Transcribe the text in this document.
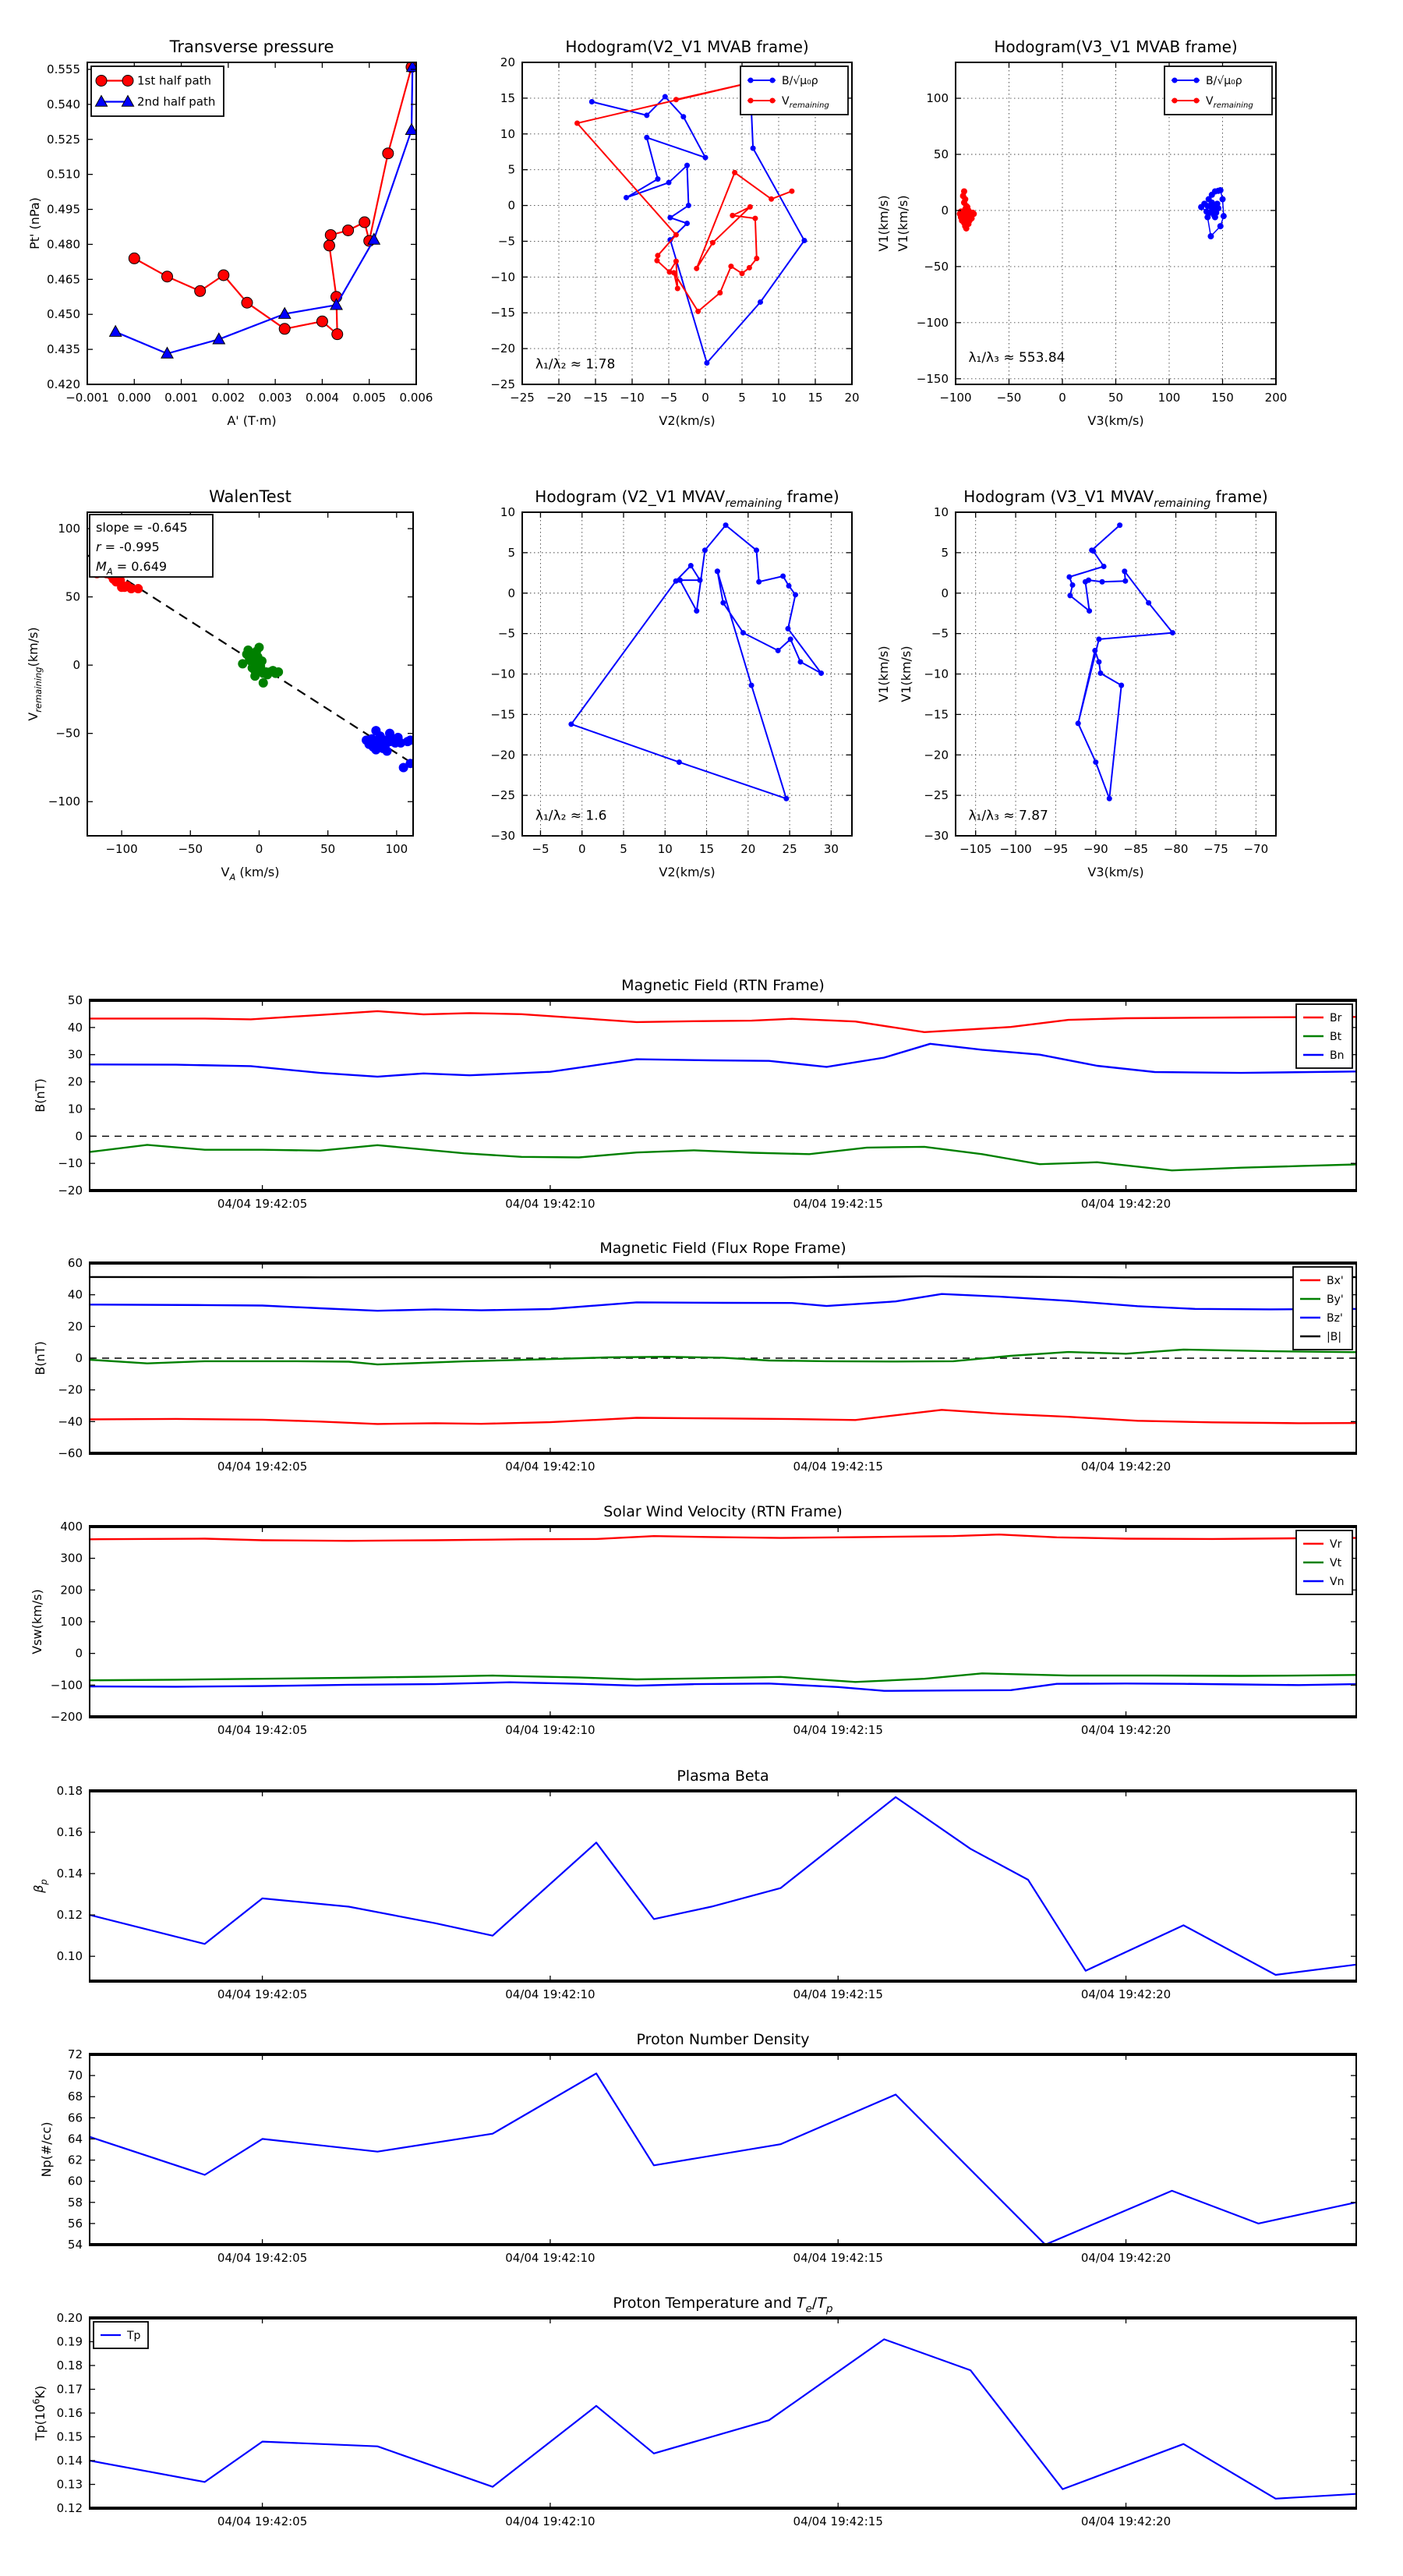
−0.001 0.000 0.001 0.002 0.003 0.004 0.005 0.006
0.420
0.435
0.450
0.465
0.480
0.495
0.510
0.525
0.540
0.555
Transverse pressure
A' (T·m)
Pt' (nPa)
1st half path
2nd half path
−25 −20 −15 −10 −5 0 5 10 15 20
−25
−20
−15
−10
−5
0
5
10
15
20
Hodogram(V2_V1 MVAB frame)
V2(km/s)
V1(km/s)
B/√μ₀ρ
$V_{remaining}$
λ₁/λ₂ ≈ 1.78
−100 −50	0	50	100	150	200
−150
−100
−50
0
50
100
Hodogram(V3_V1 MVAB frame)
V3(km/s)
V1(km/s)
B/√μ₀ρ
$V_{remaining}$
λ₁/λ₃ ≈ 553.84
−100	−50	0	50	100
−100
−50
0
50
100
WalenTest
$V_A$ (km/s)
$V_{remaining}(km/s)$
slope = -0.645
r = -0.995
$M_A = 0.649$
−5 0	5	10 15 20 25 30
−30
−25
−20
−15
−10
−5
0
5
10
Hodogram (V2_V1 $MVAV_{remaining}$ frame)
V2(km/s)
V1(km/s)
λ₁/λ₂ ≈ 1.6
−105 −100 −95 −90 −85 −80 −75 −70
−30
−25
−20
−15
−10
−5
0
5
10
Hodogram (V3_V1 $MVAV_{remaining}$ frame)
V3(km/s)
V1(km/s)
λ₁/λ₃ ≈ 7.87
04/04 19:42:05	04/04 19:42:10	04/04 19:42:15	04/04 19:42:20
−20
−10
0
10
20
30
40
50
Magnetic Field (RTN Frame)
B(nT)
Br
Bt
Bn
04/04 19:42:05	04/04 19:42:10	04/04 19:42:15	04/04 19:42:20
−60
−40
−20
0
20
40
60
Magnetic Field (Flux Rope Frame)
B(nT)
Bx'
By'
Bz'
|B|
04/04 19:42:05	04/04 19:42:10	04/04 19:42:15	04/04 19:42:20
−200
−100
0
100
200
300
400
Solar Wind Velocity (RTN Frame)
Vsw(km/s)
Vr
Vt
Vn
04/04 19:42:05	04/04 19:42:10	04/04 19:42:15	04/04 19:42:20
0.10
0.12
0.14
0.16
0.18
Plasma Beta
$\beta_p$
04/04 19:42:05	04/04 19:42:10	04/04 19:42:15	04/04 19:42:20
54
56
58
60
62
64
66
68
70
72
Proton Number Density
Np(#/cc)
04/04 19:42:05	04/04 19:42:10	04/04 19:42:15	04/04 19:42:20
0.12
0.13
0.14
0.15
0.16
0.17
0.18
0.19
0.20
Proton Temperature and $T_e/T_p$
$Tp(10^6K)$
Tp
